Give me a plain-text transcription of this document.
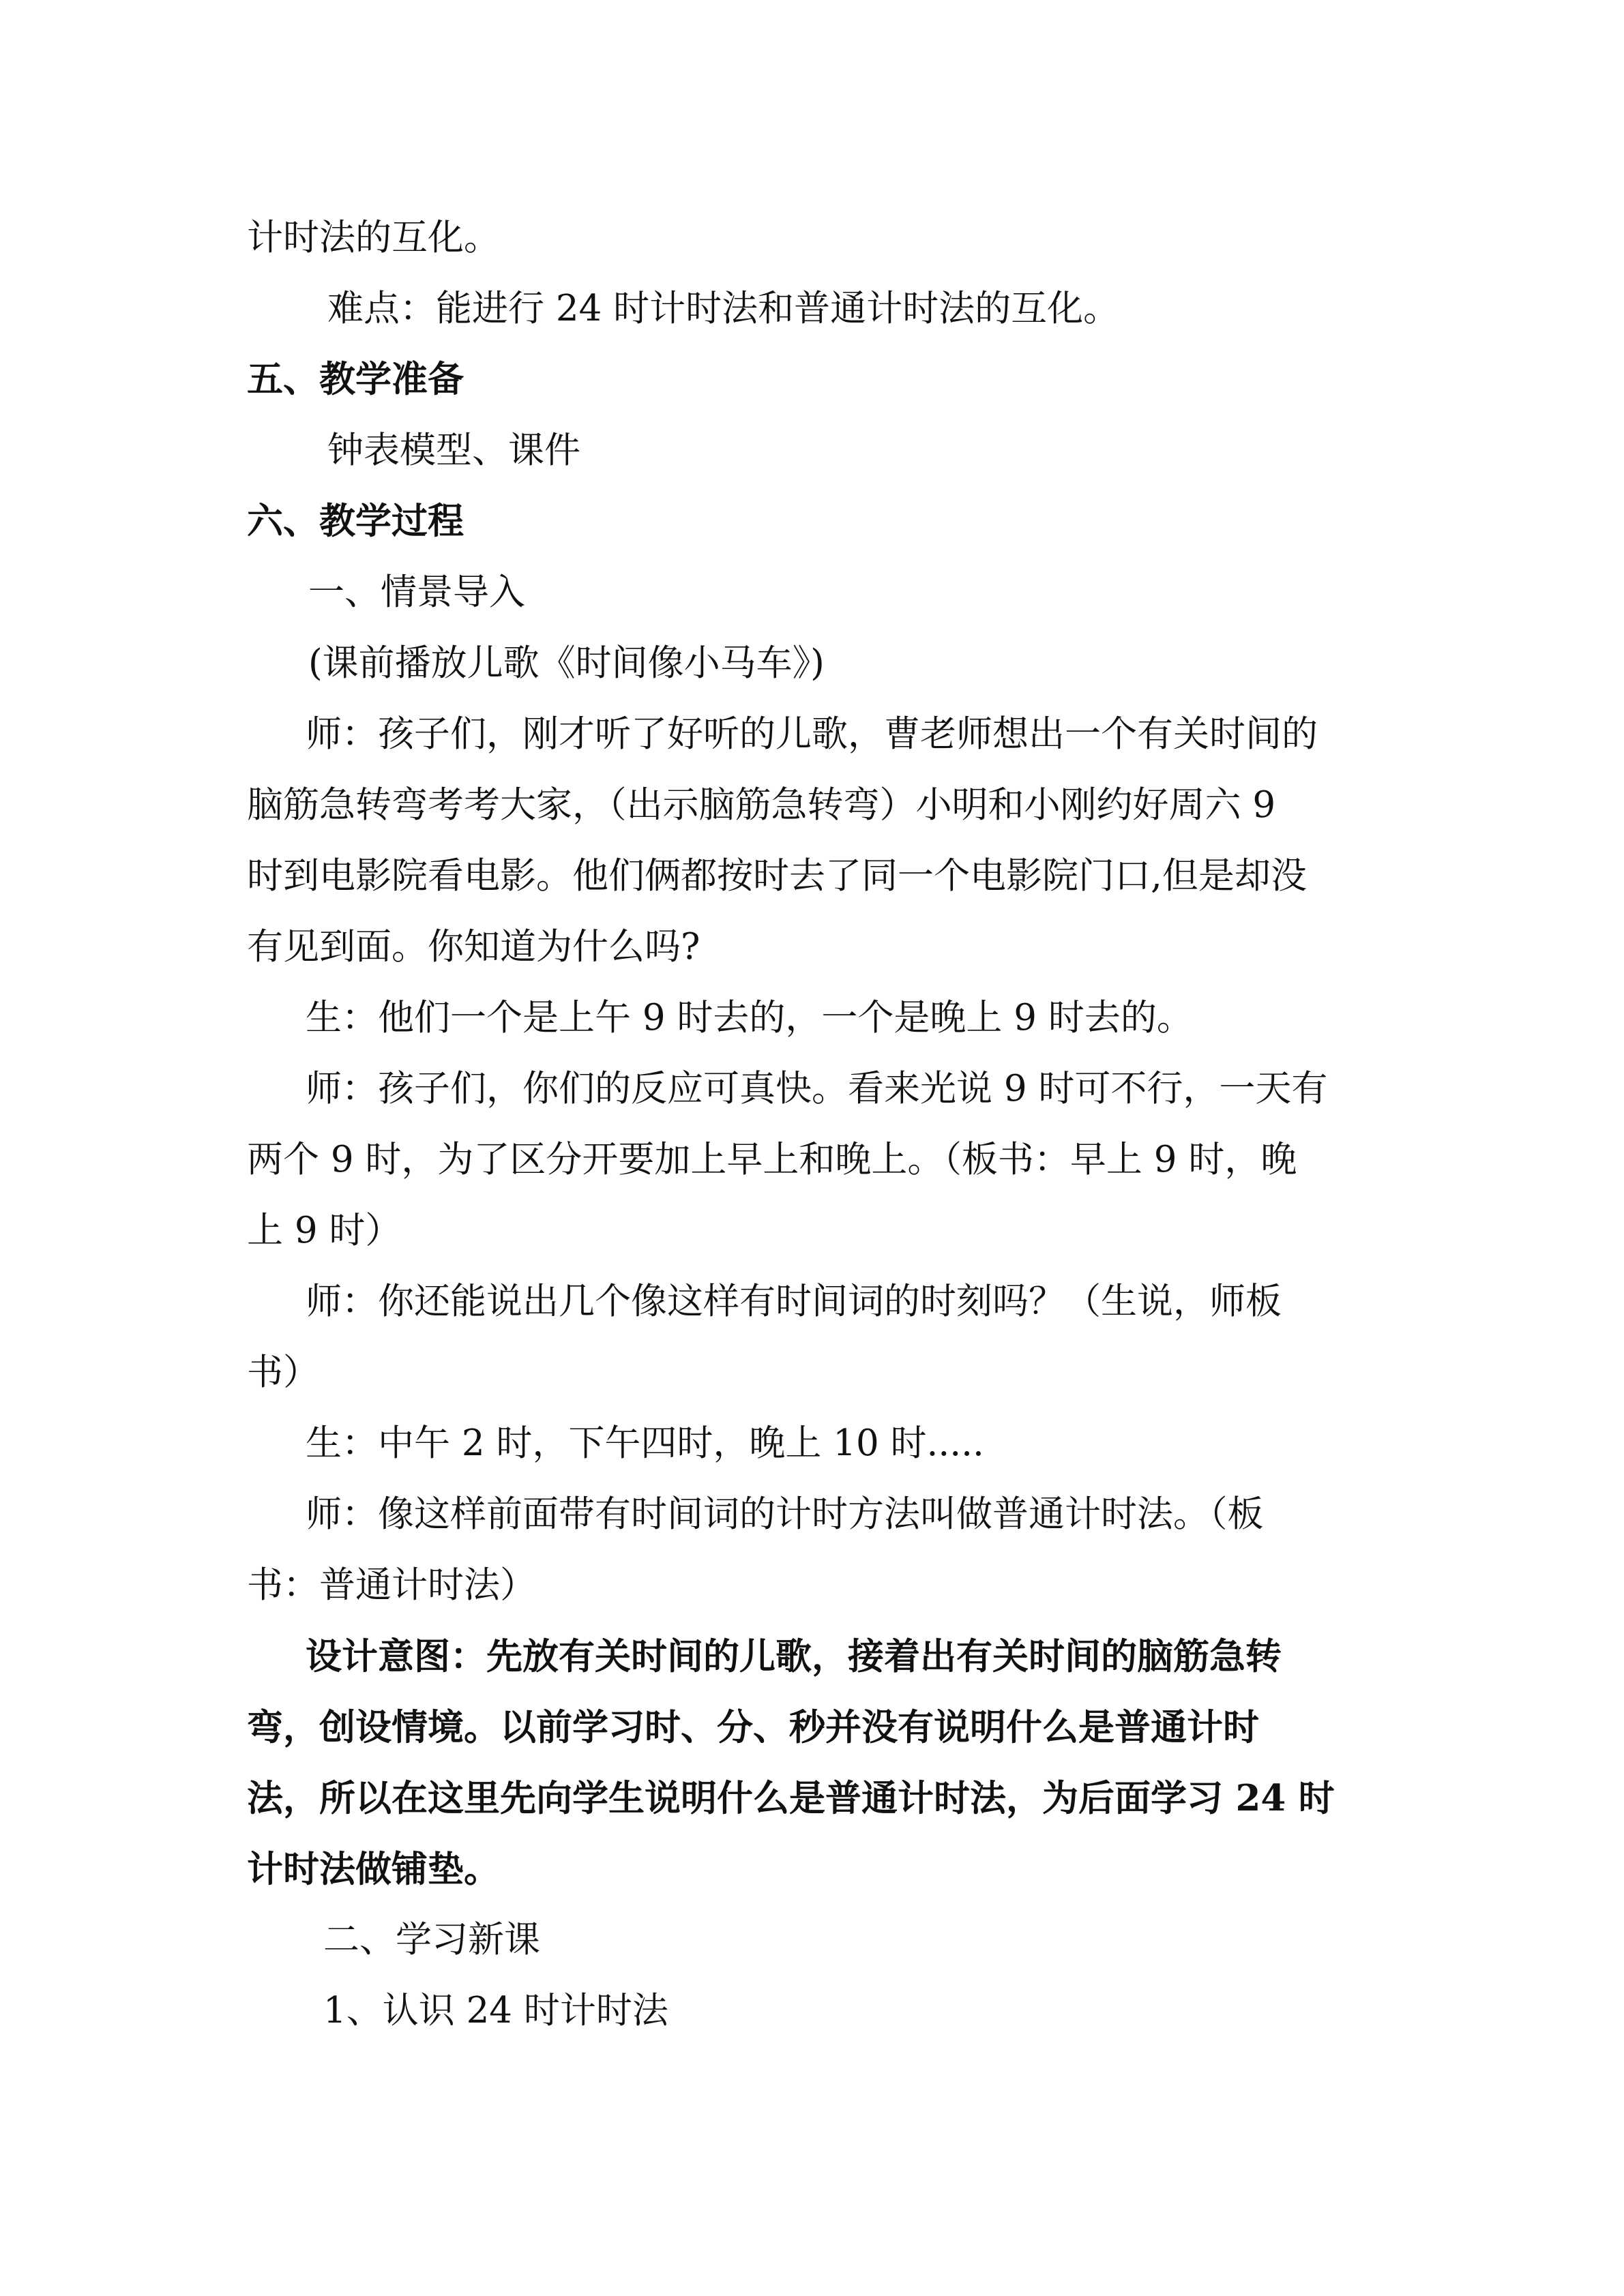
计时法的互化。
难点：能进行 24 时计时法和普通计时法的互化。
五、教学准备
钟表模型、课件
六、教学过程
一、情景导入
(课前播放儿歌《时间像小马车》)
师：孩子们，刚才听了好听的儿歌，曹老师想出一个有关时间的
脑筋急转弯考考大家，（出示脑筋急转弯）小明和小刚约好周六 9
时到电影院看电影。他们俩都按时去了同一个电影院门口,但是却没
有见到面。你知道为什么吗?
生：他们一个是上午 9 时去的，一个是晚上 9 时去的。
师：孩子们，你们的反应可真快。看来光说 9 时可不行，一天有
两个 9 时，为了区分开要加上早上和晚上。（板书：早上 9 时，晚
上 9 时）
师：你还能说出几个像这样有时间词的时刻吗？（生说，师板
书）
生：中午 2 时，下午四时，晚上 10 时.....
师：像这样前面带有时间词的计时方法叫做普通计时法。（板
书：普通计时法）
设计意图：先放有关时间的儿歌，接着出有关时间的脑筋急转
弯，创设情境。以前学习时、分、秒并没有说明什么是普通计时
法，所以在这里先向学生说明什么是普通计时法，为后面学习 24 时
计时法做铺垫。
二、学习新课
1、认识 24 时计时法
